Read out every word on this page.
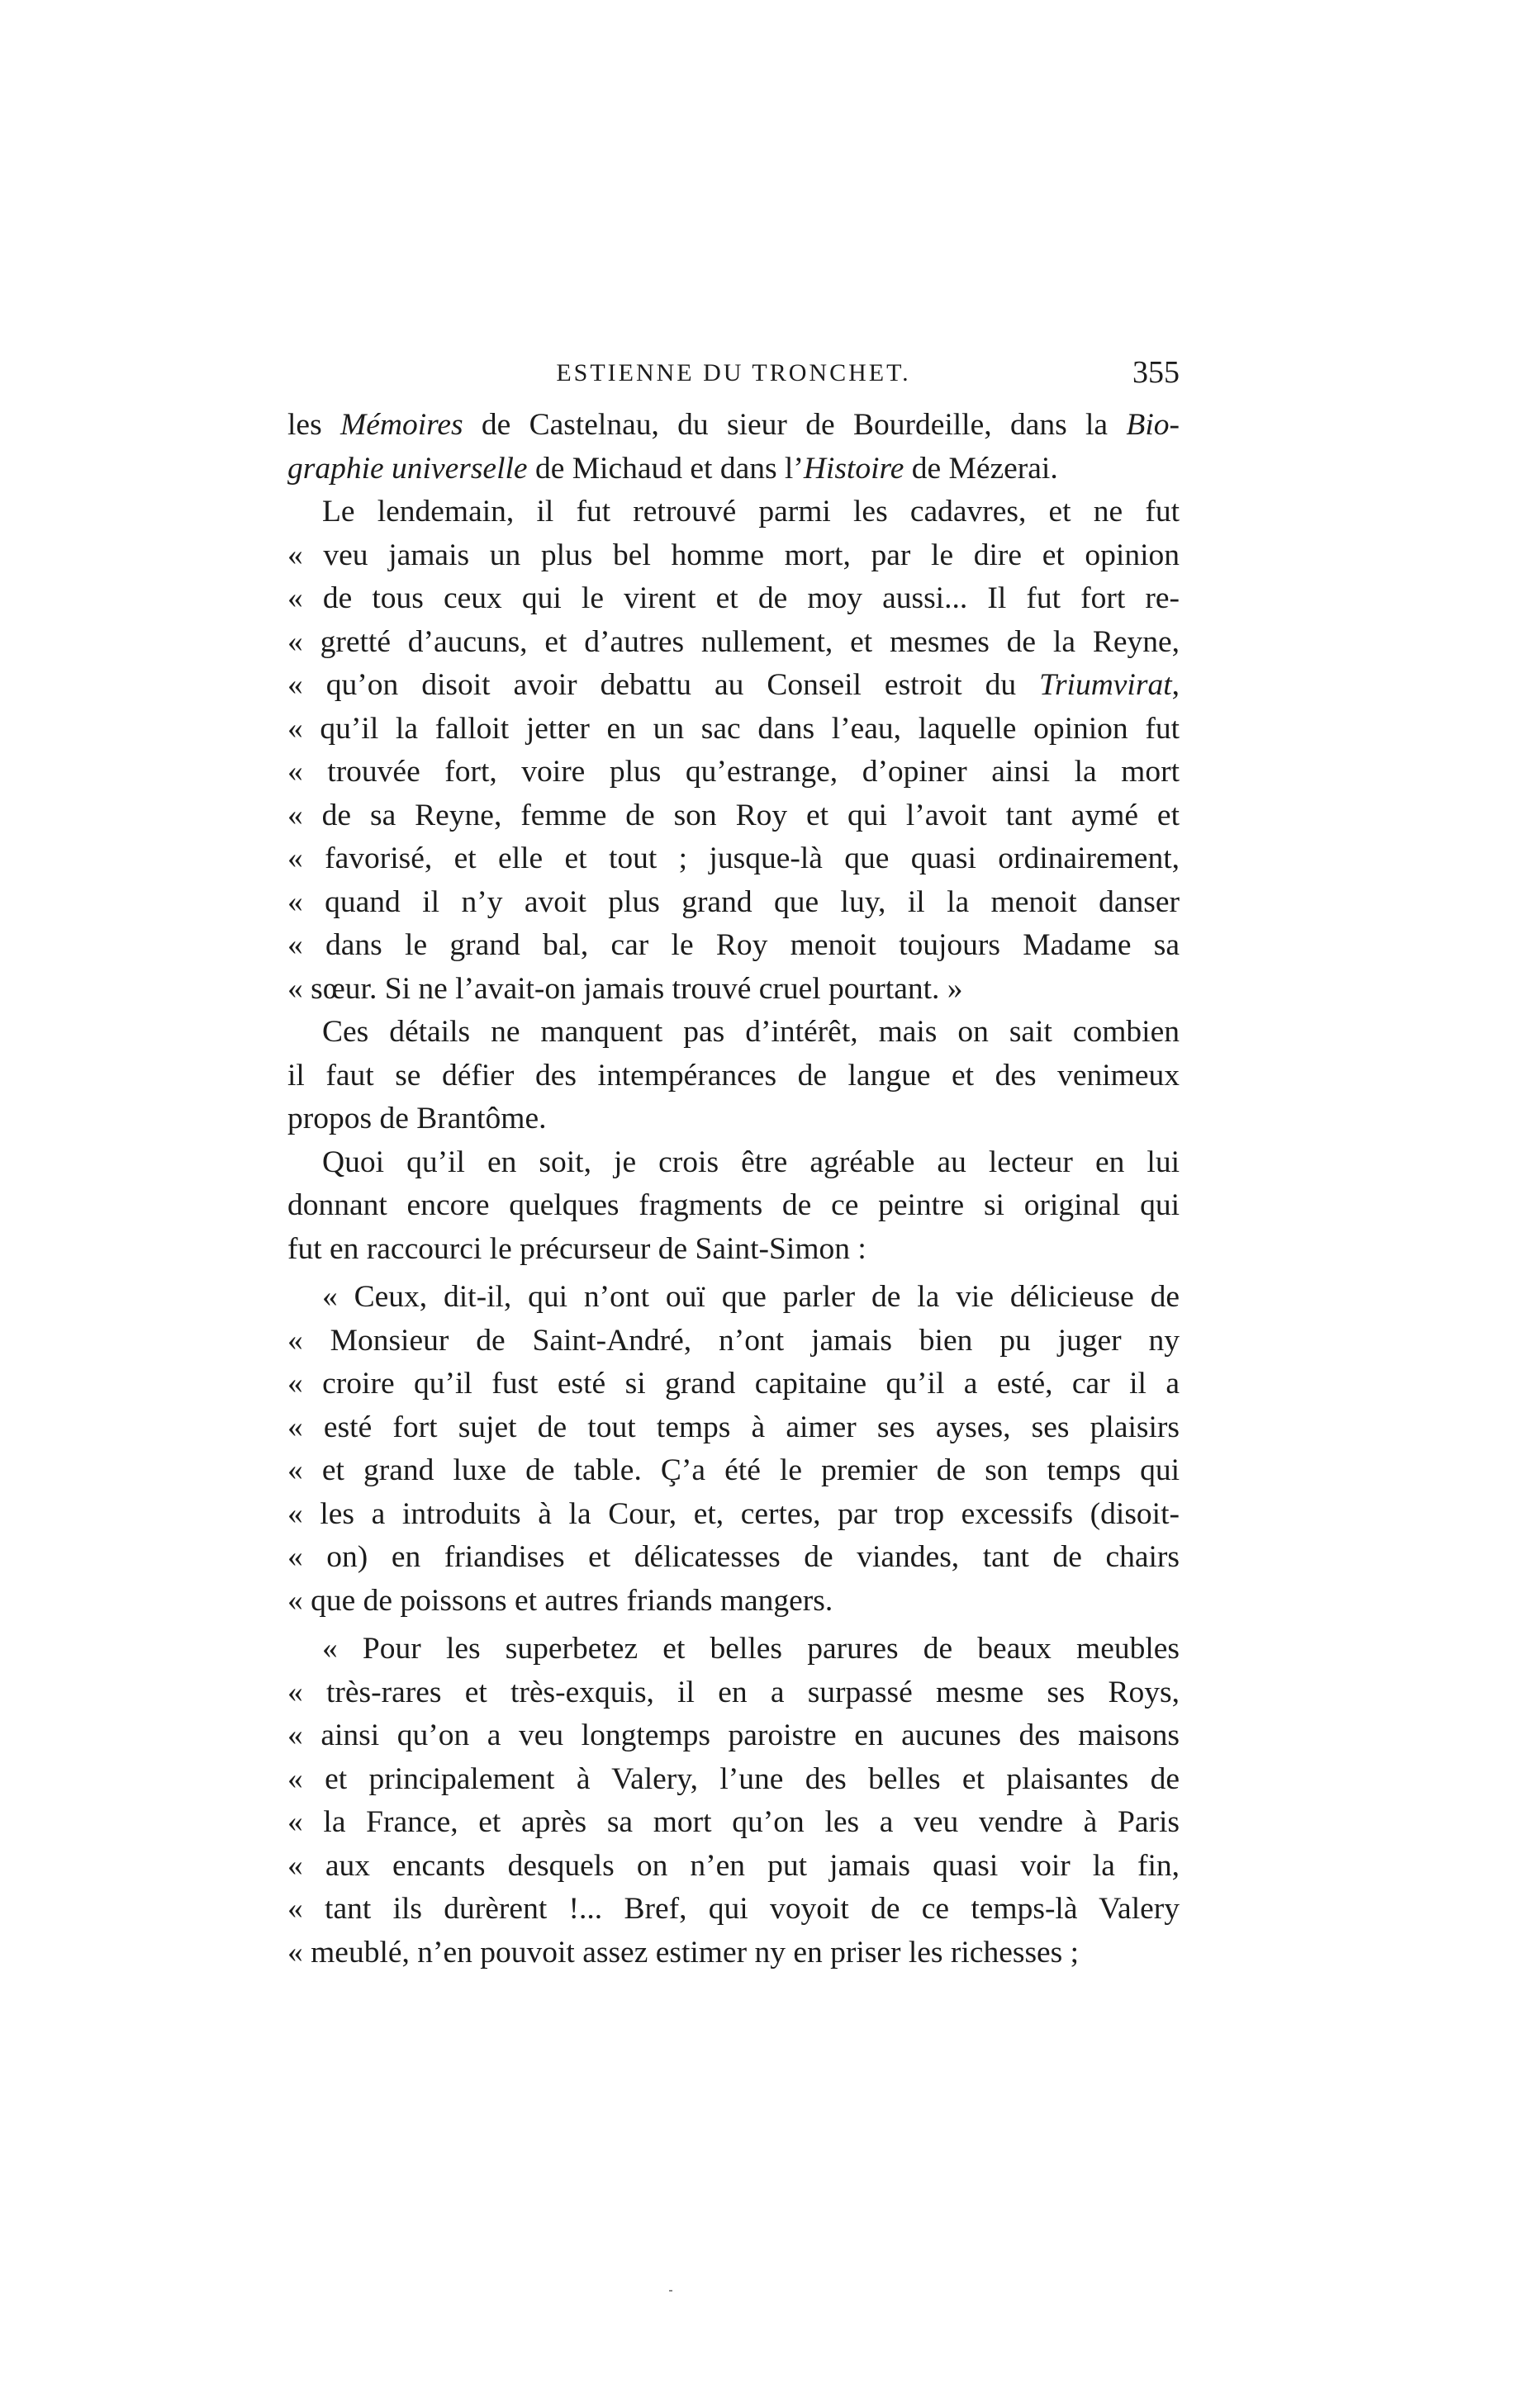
ESTIENNE DU TRONCHET.	355
les Mémoires de Castelnau, du sieur de Bourdeille, dans la Bio-
graphie universelle de Michaud et dans l’Histoire de Mézerai.
Le lendemain, il fut retrouvé parmi les cadavres, et ne fut
« veu jamais un plus bel homme mort, par le dire et opinion
« de tous ceux qui le virent et de moy aussi... Il fut fort re-
« gretté d’aucuns, et d’autres nullement, et mesmes de la Reyne,
« qu’on disoit avoir debattu au Conseil estroit du Triumvirat,
« qu’il la falloit jetter en un sac dans l’eau, laquelle opinion fut
« trouvée fort, voire plus qu’estrange, d’opiner ainsi la mort
« de sa Reyne, femme de son Roy et qui l’avoit tant aymé et
« favorisé, et elle et tout ; jusque-là que quasi ordinairement,
« quand il n’y avoit plus grand que luy, il la menoit danser
« dans le grand bal, car le Roy menoit toujours Madame sa
« sœur. Si ne l’avait-on jamais trouvé cruel pourtant. »
Ces détails ne manquent pas d’intérêt, mais on sait combien
il faut se défier des intempérances de langue et des venimeux
propos de Brantôme.
Quoi qu’il en soit, je crois être agréable au lecteur en lui
donnant encore quelques fragments de ce peintre si original qui
fut en raccourci le précurseur de Saint-Simon :
« Ceux, dit-il, qui n’ont ouï que parler de la vie délicieuse de
« Monsieur de Saint-André, n’ont jamais bien pu juger ny
« croire qu’il fust esté si grand capitaine qu’il a esté, car il a
« esté fort sujet de tout temps à aimer ses ayses, ses plaisirs
« et grand luxe de table. Ç’a été le premier de son temps qui
« les a introduits à la Cour, et, certes, par trop excessifs (disoit-
« on) en friandises et délicatesses de viandes, tant de chairs
« que de poissons et autres friands mangers.
« Pour les superbetez et belles parures de beaux meubles
« très-rares et très-exquis, il en a surpassé mesme ses Roys,
« ainsi qu’on a veu longtemps paroistre en aucunes des maisons
« et principalement à Valery, l’une des belles et plaisantes de
« la France, et après sa mort qu’on les a veu vendre à Paris
« aux encants desquels on n’en put jamais quasi voir la fin,
« tant ils durèrent !... Bref, qui voyoit de ce temps-là Valery
« meublé, n’en pouvoit assez estimer ny en priser les richesses ;
